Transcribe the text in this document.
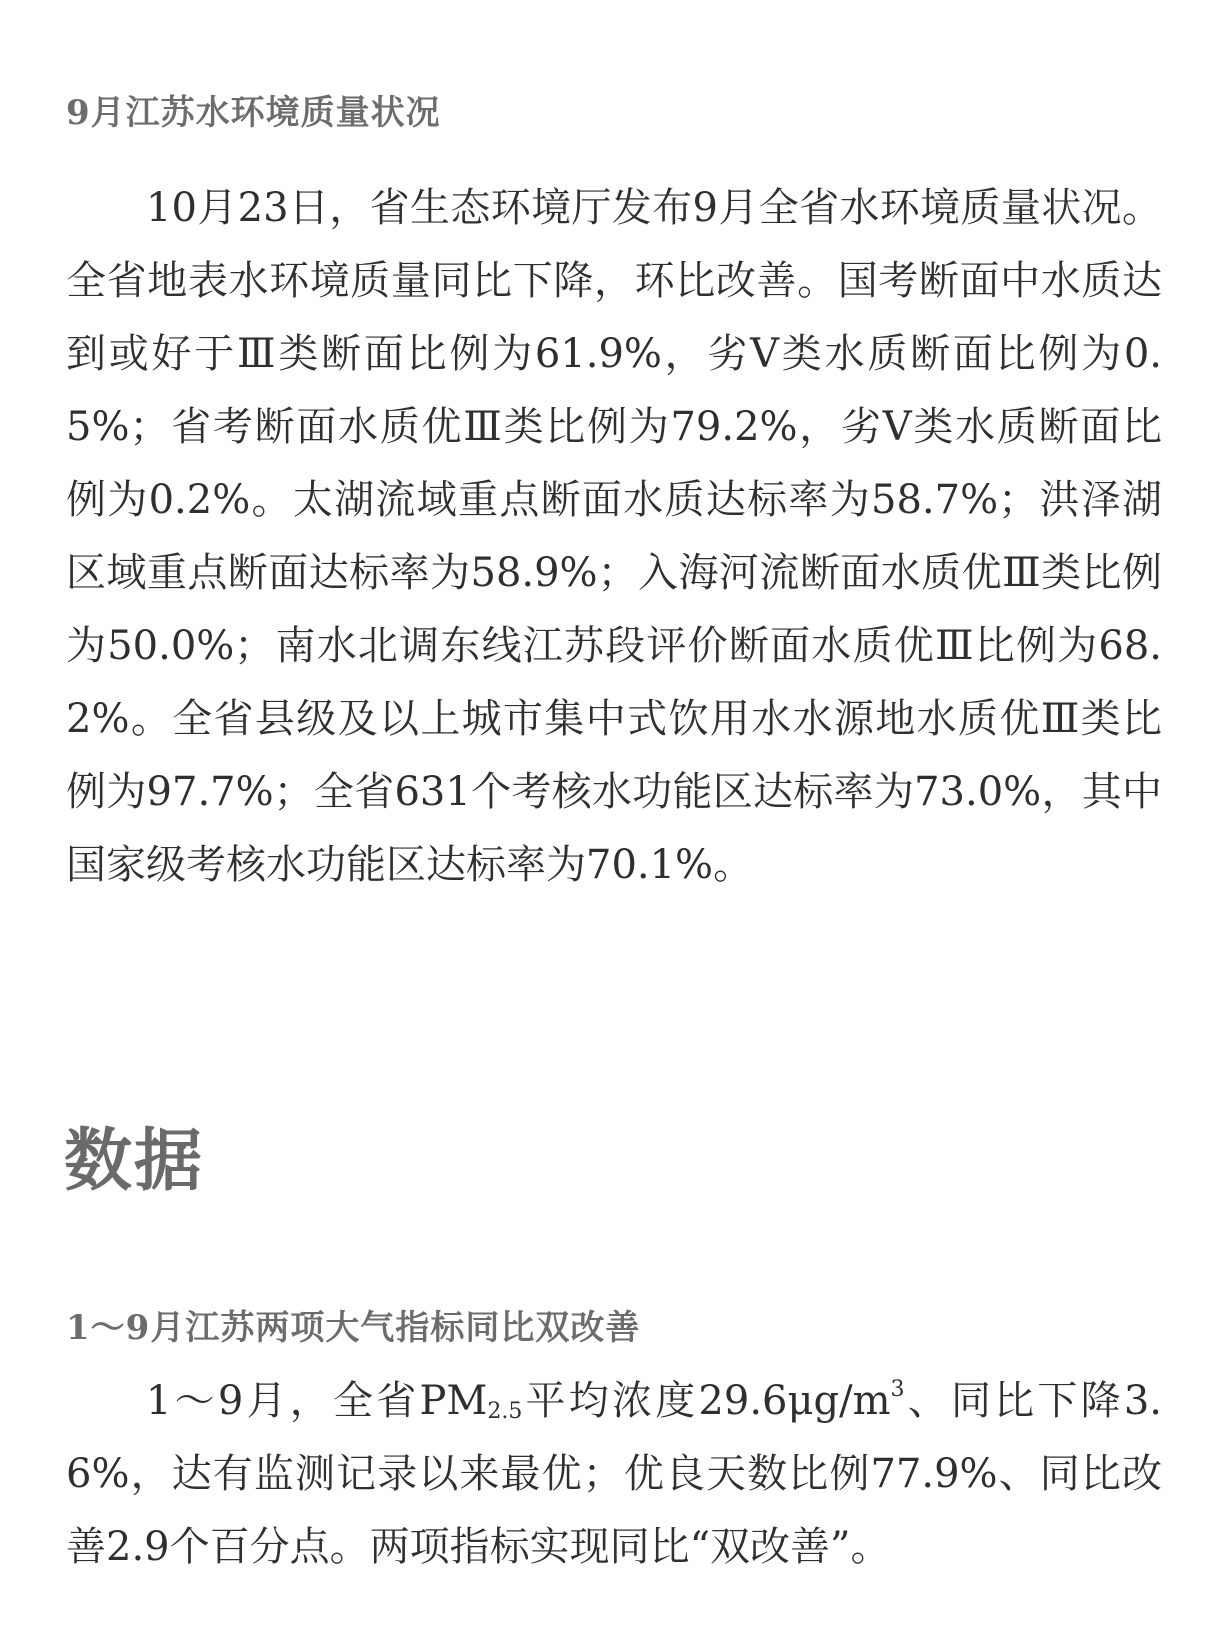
9月江苏水环境质量状况

10月23日，省生态环境厅发布9月全省水环境质量状况。全省地表水环境质量同比下降，环比改善。国考断面中水质达到或好于Ⅲ类断面比例为61.9%，劣Ⅴ类水质断面比例为0.5%；省考断面水质优Ⅲ类比例为79.2%，劣Ⅴ类水质断面比例为0.2%。太湖流域重点断面水质达标率为58.7%；洪泽湖区域重点断面达标率为58.9%；入海河流断面水质优Ⅲ类比例为50.0%；南水北调东线江苏段评价断面水质优Ⅲ比例为68.2%。全省县级及以上城市集中式饮用水水源地水质优Ⅲ类比例为97.7%；全省631个考核水功能区达标率为73.0%，其中国家级考核水功能区达标率为70.1%。

数据
1～9月江苏两项大气指标同比双改善

1～9月，全省$PM_{2.5}$平均浓度$29.6\mu g/m^3$、同比下降3.6%，达有监测记录以来最优；优良天数比例77.9%、同比改善2.9个百分点。两项指标实现同比“双改善”。
